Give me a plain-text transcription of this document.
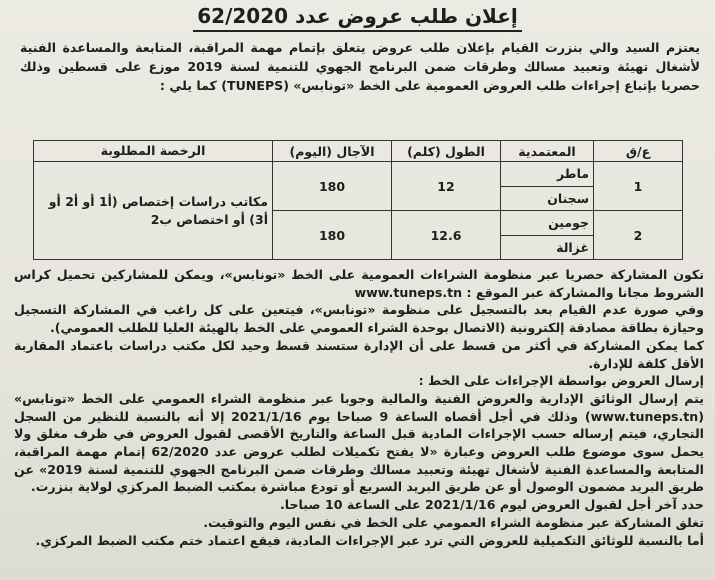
إعلان طلب عروض عدد 62/2020

يعتزم السيد والي بنزرت القيام بإعلان طلب عروض يتعلق بإتمام مهمة المراقبة، المتابعة والمساعدة الفنية لأشغال تهيئة وتعبيد مسالك وطرقات ضمن البرنامج الجهوي للتنمية لسنة 2019 موزع على قسطين وذلك حصريا بإتباع إجراءات طلب العروض العمومية على الخط «تونابس» (TUNEPS) كما يلي :

ع/ق	المعتمدية	الطول (كلم)	الآجال (اليوم)	الرخصة المطلوبة
1	ماطر	12	180	مكاتب دراسات إختصاص (أ1 أو أ2 أو أ3) أو اختصاص ب2
	سجنان			
2	جومين	12.6	180	
	غزالة			

تكون المشاركة حصريا عبر منظومة الشراءات العمومية على الخط «تونابس»، ويمكن للمشاركين تحميل كراس الشروط مجانا والمشاركة عبر الموقع : www.tuneps.tn

وفي صورة عدم القيام بعد بالتسجيل على منظومة «تونابس»، فيتعين على كل راغب في المشاركة التسجيل وحيازة بطاقة مصادقة إلكترونية (الاتصال بوحدة الشراء العمومي على الخط بالهيئة العليا للطلب العمومي).

كما يمكن المشاركة في أكثر من قسط على أن الإدارة ستسند قسط وحيد لكل مكتب دراسات باعتماد المقاربة الأقل كلفة للإدارة.

إرسال العروض بواسطة الإجراءات على الخط :

يتم إرسال الوثائق الإدارية والعروض الفنية والمالية وجوبا عبر منظومة الشراء العمومي على الخط «تونابس» (www.tuneps.tn) وذلك في أجل أقصاه الساعة 9 صباحا يوم 2021/1/16 إلا أنه بالنسبة للنظير من السجل التجاري، فيتم إرساله حسب الإجراءات المادية قبل الساعة والتاريخ الأقصى لقبول العروض في ظرف مغلق ولا يحمل سوى موضوع طلب العروض وعبارة «لا يفتح تكميلات لطلب عروض عدد 62/2020 إتمام مهمة المراقبة، المتابعة والمساعدة الفنية لأشغال تهيئة وتعبيد مسالك وطرقات ضمن البرنامج الجهوي للتنمية لسنة 2019» عن طريق البريد مضمون الوصول أو عن طريق البريد السريع أو تودع مباشرة بمكتب الضبط المركزي لولاية بنزرت.

حدد آخر أجل لقبول العروض ليوم 2021/1/16 على الساعة 10 صباحا.

تغلق المشاركة عبر منظومة الشراء العمومي على الخط في نفس اليوم والتوقيت.

أما بالنسبة للوثائق التكميلية للعروض التي ترد عبر الإجراءات المادية، فيقع اعتماد ختم مكتب الضبط المركزي.
